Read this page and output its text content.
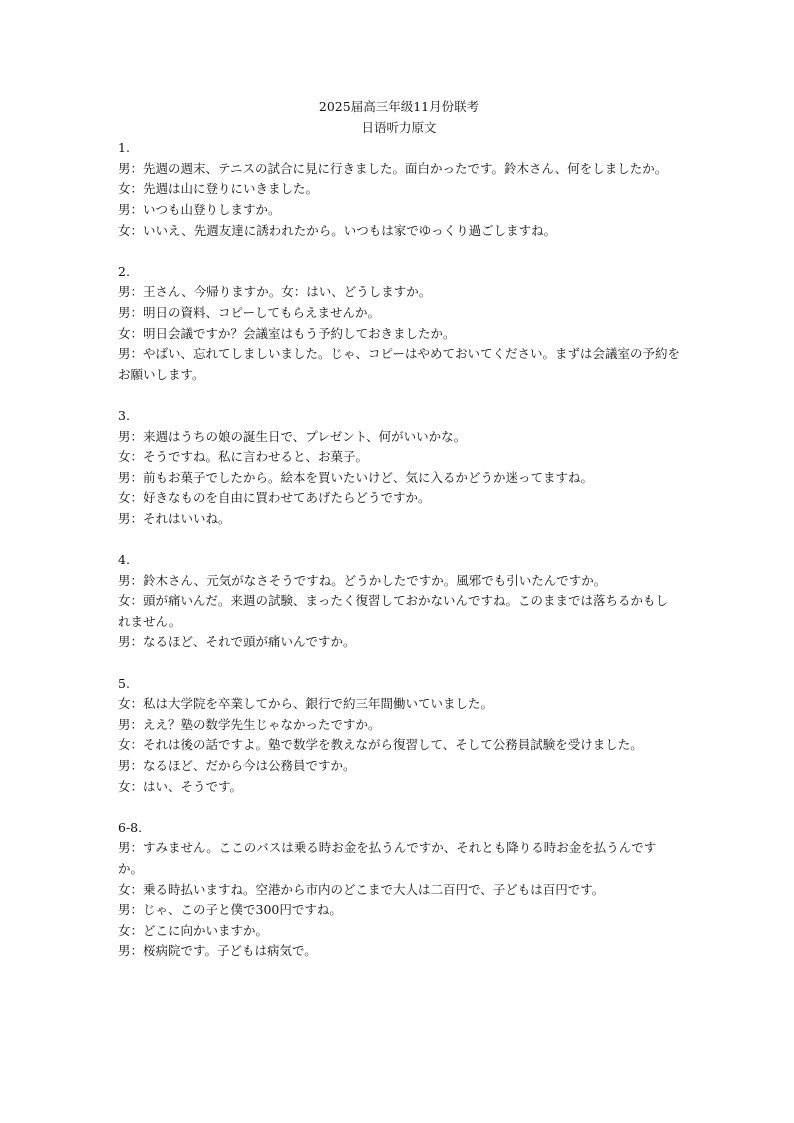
2025届高三年级11月份联考
日语听力原文
1.
男：先週の週末、テニスの試合に見に行きました。面白かったです。鈴木さん、何をしましたか。
女：先週は山に登りにいきました。
男：いつも山登りしますか。
女：いいえ、先週友達に誘われたから。いつもは家でゆっくり過ごしますね。
2.
男：王さん、今帰りますか。女：はい、どうしますか。
男：明日の資料、コピーしてもらえませんか。
女：明日会議ですか？会議室はもう予約しておきましたか。
男：やばい、忘れてしましいました。じゃ、コピーはやめておいてください。まずは会議室の予約をお願いします。
3.
男：来週はうちの娘の誕生日で、プレゼント、何がいいかな。
女：そうですね。私に言わせると、お菓子。
男：前もお菓子でしたから。絵本を買いたいけど、気に入るかどうか迷ってますね。
女：好きなものを自由に買わせてあげたらどうですか。
男：それはいいね。
4.
男：鈴木さん、元気がなさそうですね。どうかしたですか。風邪でも引いたんですか。
女：頭が痛いんだ。来週の試験、まったく復習しておかないんですね。このままでは落ちるかもしれません。
男：なるほど、それで頭が痛いんですか。
5.
女：私は大学院を卒業してから、銀行で約三年間働いていました。
男：ええ？塾の数学先生じゃなかったですか。
女：それは後の話ですよ。塾で数学を教えながら復習して、そして公務員試験を受けました。
男：なるほど、だから今は公務員ですか。
女：はい、そうです。
6-8.
男：すみません。ここのバスは乗る時お金を払うんですか、それとも降りる時お金を払うんですか。
女：乗る時払いますね。空港から市内のどこまで大人は二百円で、子どもは百円です。
男：じゃ、この子と僕で300円ですね。
女：どこに向かいますか。
男：桜病院です。子どもは病気で。
